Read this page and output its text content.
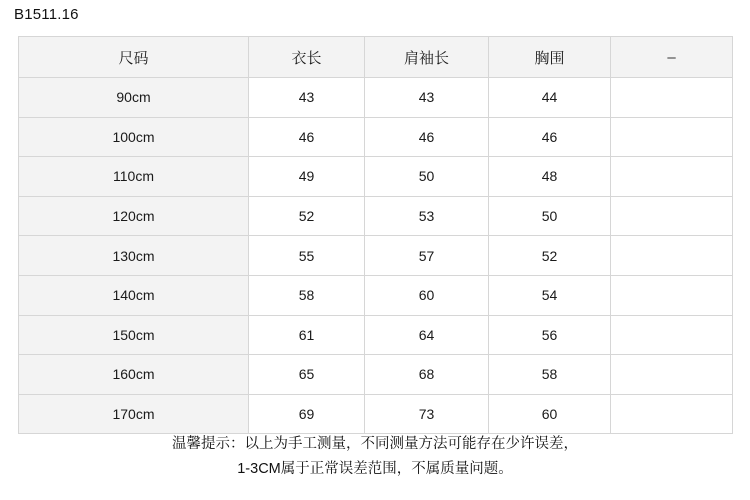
B1511.16
尺码	衣长	肩袖长	胸围	–
90cm	43	43	44	
100cm	46	46	46	
110cm	49	50	48	
120cm	52	53	50	
130cm	55	57	52	
140cm	58	60	54	
150cm	61	64	56	
160cm	65	68	58	
170cm	69	73	60	
温馨提示：以上为手工测量，不同测量方法可能存在少许误差，
1-3CM属于正常误差范围，不属质量问题。
